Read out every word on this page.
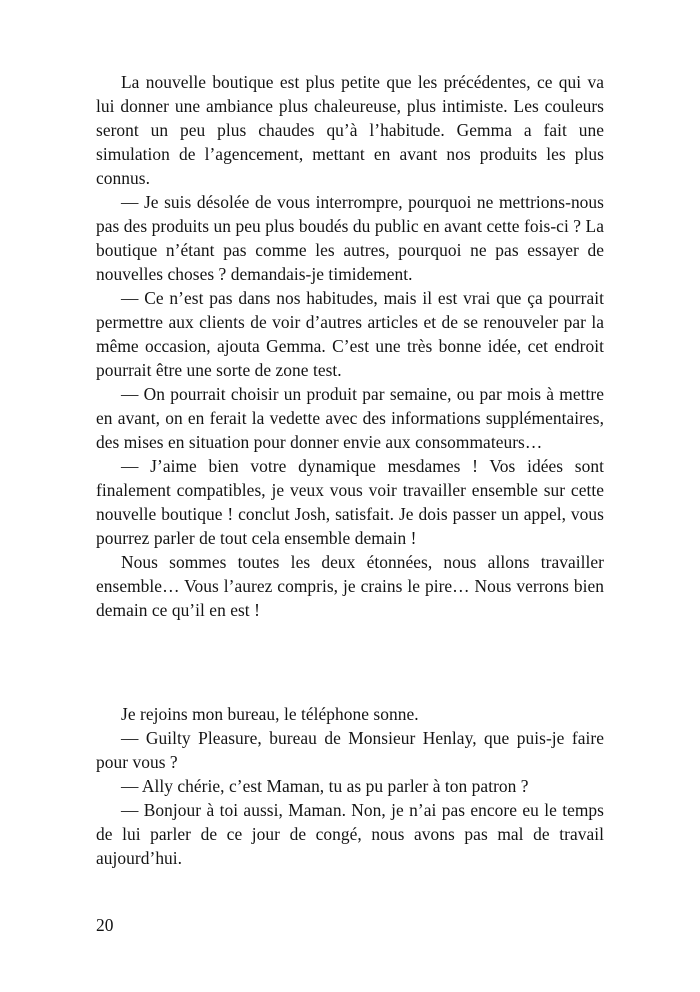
La nouvelle boutique est plus petite que les précédentes, ce qui va lui donner une ambiance plus chaleureuse, plus intimiste. Les couleurs seront un peu plus chaudes qu’à l’habitude. Gemma a fait une simulation de l’agencement, mettant en avant nos produits les plus connus.

— Je suis désolée de vous interrompre, pourquoi ne mettrions-nous pas des produits un peu plus boudés du public en avant cette fois-ci ? La boutique n’étant pas comme les autres, pourquoi ne pas essayer de nouvelles choses ? demandais-je timidement.

— Ce n’est pas dans nos habitudes, mais il est vrai que ça pourrait permettre aux clients de voir d’autres articles et de se renouveler par la même occasion, ajouta Gemma. C’est une très bonne idée, cet endroit pourrait être une sorte de zone test.

— On pourrait choisir un produit par semaine, ou par mois à mettre en avant, on en ferait la vedette avec des informations supplémentaires, des mises en situation pour donner envie aux consommateurs…

— J’aime bien votre dynamique mesdames ! Vos idées sont finalement compatibles, je veux vous voir travailler ensemble sur cette nouvelle boutique ! conclut Josh, satisfait. Je dois passer un appel, vous pourrez parler de tout cela ensemble demain !

Nous sommes toutes les deux étonnées, nous allons travailler ensemble… Vous l’aurez compris, je crains le pire… Nous verrons bien demain ce qu’il en est !

Je rejoins mon bureau, le téléphone sonne.

— Guilty Pleasure, bureau de Monsieur Henlay, que puis-je faire pour vous ?

— Ally chérie, c’est Maman, tu as pu parler à ton patron ?

— Bonjour à toi aussi, Maman. Non, je n’ai pas encore eu le temps de lui parler de ce jour de congé, nous avons pas mal de travail aujourd’hui.

20
